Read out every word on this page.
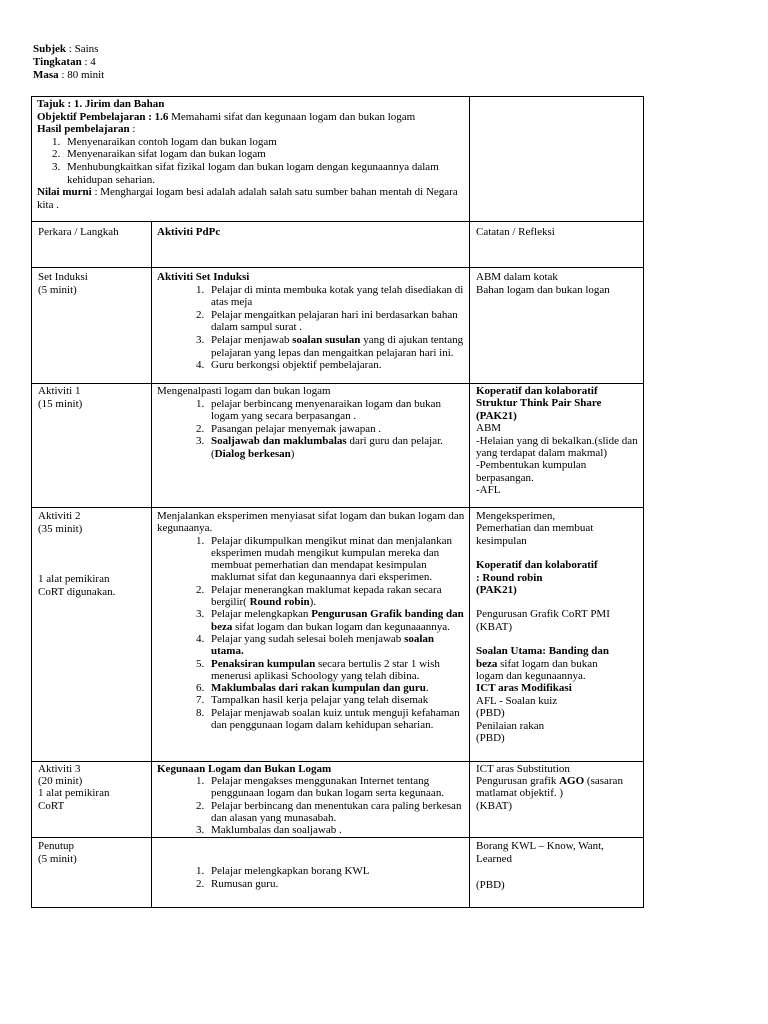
Subjek : Sains
Tingkatan : 4
Masa : 80 minit
Tajuk : 1. Jirim dan Bahan
Objektif Pembelajaran : 1.6 Memahami sifat dan kegunaan logam dan bukan logam
Hasil pembelajaran :
1. Menyenaraikan contoh logam dan bukan logam
2. Menyenaraikan sifat logam dan bukan logam
3. Menhubungkaitkan sifat fizikal logam dan bukan logam dengan kegunaannya dalam kehidupan seharian.
Nilai murni : Menghargai logam besi adalah adalah salah satu sumber bahan mentah di Negara kita .
Perkara / Langkah	Aktiviti PdPc	Catatan / Refleksi
Set Induksi
(5 minit)
Aktiviti Set Induksi
1. Pelajar di minta membuka kotak yang telah disediakan di atas meja
2. Pelajar mengaitkan pelajaran hari ini berdasarkan bahan dalam sampul surat .
3. Pelajar menjawab soalan susulan yang di ajukan tentang pelajaran yang lepas dan mengaitkan pelajaran hari ini.
4. Guru berkongsi objektif pembelajaran.
ABM dalam kotak
Bahan logam dan bukan logan
Aktiviti 1
(15 minit)
Mengenalpasti logam dan bukan logam
1. pelajar berbincang menyenaraikan logam dan bukan logam yang secara berpasangan .
2. Pasangan pelajar menyemak jawapan .
3. Soaljawab dan maklumbalas dari guru dan pelajar.(Dialog berkesan)
Koperatif dan kolaboratif
Struktur Think Pair Share
(PAK21)
ABM
-Helaian yang di bekalkan.(slide dan yang terdapat dalam makmal)
-Pembentukan kumpulan berpasangan.
-AFL
Aktiviti 2
(35 minit)
1 alat pemikiran CoRT digunakan.
Menjalankan eksperimen menyiasat sifat logam dan bukan logam dan kegunaanya.
1. Pelajar dikumpulkan mengikut minat dan menjalankan eksperimen mudah mengikut kumpulan mereka dan membuat pemerhatian dan mendapat kesimpulan maklumat sifat dan kegunaannya dari eksperimen.
2. Pelajar menerangkan maklumat kepada rakan secara bergilir( Round robin).
3. Pelajar melengkapkan Pengurusan Grafik banding dan beza sifat logam dan bukan logam dan kegunaaannya.
4. Pelajar yang sudah selesai boleh menjawab soalan utama.
5. Penaksiran kumpulan secara bertulis 2 star 1 wish menerusi aplikasi Schoology yang telah dibina.
6. Maklumbalas dari rakan kumpulan dan guru.
7. Tampalkan hasil kerja pelajar yang telah disemak
8. Pelajar menjawab soalan kuiz untuk menguji kefahaman dan penggunaan logam dalam kehidupan seharian.
Mengeksperimen, Pemerhatian dan membuat kesimpulan
Koperatif dan kolaboratif
: Round robin
(PAK21)
Pengurusan Grafik CoRT PMI
(KBAT)
Soalan Utama: Banding dan beza sifat logam dan bukan logam dan kegunaannya.
ICT aras Modifikasi
AFL - Soalan kuiz
(PBD)
Penilaian rakan
(PBD)
Aktiviti 3
(20 minit)
1 alat pemikiran CoRT
Kegunaan Logam dan Bukan Logam
1. Pelajar mengakses menggunakan Internet tentang penggunaan logam dan bukan logam serta kegunaan.
2. Pelajar berbincang dan menentukan cara paling berkesan dan alasan yang munasabah.
3. Maklumbalas dan soaljawab .
ICT aras Substitution
Pengurusan grafik AGO (sasaran matlamat objektif. )
(KBAT)
Penutup
(5 minit)
1. Pelajar melengkapkan borang KWL
2. Rumusan guru.
Borang KWL – Know, Want, Learned
(PBD)
